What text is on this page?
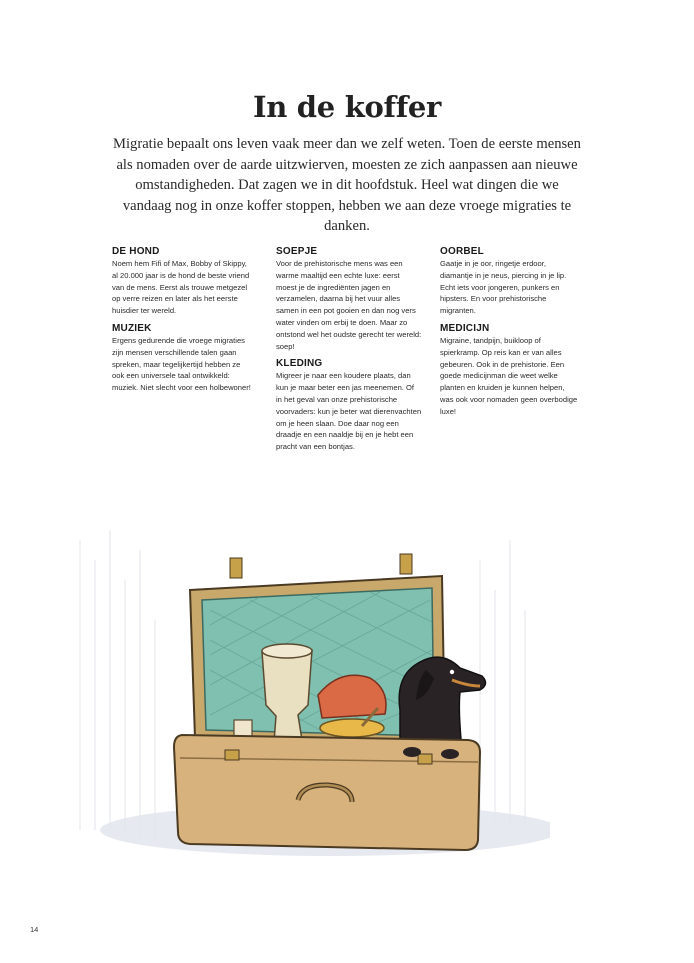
In de koffer

Migratie bepaalt ons leven vaak meer dan we zelf weten. Toen de eerste mensen als nomaden over de aarde uitzwierven, moesten ze zich aanpassen aan nieuwe omstandigheden. Dat zagen we in dit hoofdstuk. Heel wat dingen die we vandaag nog in onze koffer stoppen, hebben we aan deze vroege migraties te danken.

DE HOND

Noem hem Fifi of Max, Bobby of Skippy, al 20.000 jaar is de hond de beste vriend van de mens. Eerst als trouwe metgezel op verre reizen en later als het eerste huisdier ter wereld.

MUZIEK

Ergens gedurende die vroege migraties zijn mensen verschillende talen gaan spreken, maar tegelijkertijd hebben ze ook een universele taal ontwikkeld: muziek. Niet slecht voor een holbewoner!

SOEPJE

Voor de prehistorische mens was een warme maaltijd een echte luxe: eerst moest je de ingrediënten jagen en verzamelen, daarna bij het vuur alles samen in een pot gooien en dan nog vers water vinden om erbij te doen. Maar zo ontstond wel het oudste gerecht ter wereld: soep!

KLEDING

Migreer je naar een koudere plaats, dan kun je maar beter een jas meenemen. Of in het geval van onze prehistorische voorvaders: kun je beter wat dierenvachten om je heen slaan. Doe daar nog een draadje en een naaldje bij en je hebt een pracht van een bontjas.

OORBEL

Gaatje in je oor, ringetje erdoor, diamantje in je neus, piercing in je lip. Echt iets voor jongeren, punkers en hipsters. En voor prehistorische migranten.

MEDICIJN

Migraine, tandpijn, buikloop of spierkramp. Op reis kan er van alles gebeuren. Ook in de prehistorie. Een goede medicijnman die weet welke planten en kruiden je kunnen helpen, was ook voor nomaden geen overbodige luxe!

14
